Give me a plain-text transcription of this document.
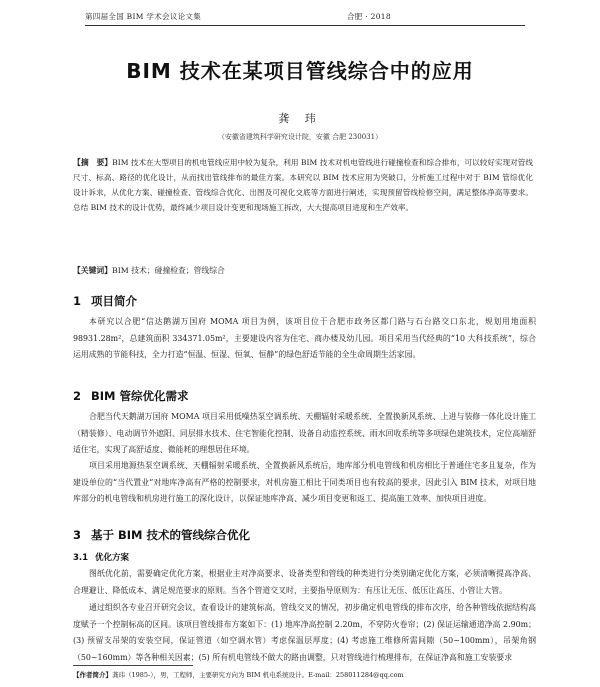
第四届全国 BIM 学术会议论文集	合肥 · 2018
BIM 技术在某项目管线综合中的应用
龚 玮
（安徽省建筑科学研究设计院，安徽 合肥 230031）
【摘　要】BIM 技术在大型项目的机电管线应用中较为复杂，利用 BIM 技术对机电管线进行碰撞检查和综合排布，可以较好实现对管线尺寸、标高、路径的优化设计，从而找出管线排布的最佳方案。本研究以 BIM 技术应用为突破口，分析施工过程中对于 BIM 管综优化设计诉求，从优化方案、碰撞检查、管线综合优化、出图及可视化交底等方面进行阐述，实现预留管线检修空间，满足整体净高等要求。总结 BIM 技术的设计优势，最终减少项目设计变更和现场施工拆改，大大提高项目进度和生产效率。
【关键词】BIM 技术；碰撞检查；管线综合
1 项目简介
本研究以合肥“信达鹅湖万国府 MOMA 项目为例，该项目位于合肥市政务区都门路与石台路交口东北，规划用地面积 98931.28m²，总建筑面积 334371.05m²，主要建设内容为住宅、商办楼及幼儿园。项目采用当代经典的“10 大科技系统”，综合运用成熟的节能科技，全力打造“恒温、恒湿、恒氧、恒静”的绿色舒适节能的全生命周期生活家园。
2 BIM 管综优化需求
合肥当代天鹅湖万国府 MOMA 项目采用低噪热泵空调系统、天棚辐射采暖系统、全置换新风系统、上进与装修一体化设计施工（精装修）、电动调节外遮阳、同层排水技术、住宅智能化控制、设备自动监控系统、雨水回收系统等多项绿色建筑技术，定位高端舒适住宅，实现了高舒适度、微能耗的理想居住环境。
项目采用地源热泵空调系统、天棚辐射采暖系统、全置换新风系统后，地库部分机电管线和机房相比于普通住宅多且复杂，作为建设单位的“当代置业”对地库净高有严格的控制要求，对机房施工相比于同类项目也有较高的要求，因此引入 BIM 技术，对项目地库部分的机电管线和机房进行施工的深化设计，以保证地库净高、减少项目变更和返工、提高施工效率、加快项目进度。
3 基于 BIM 技术的管线综合优化
3.1 优化方案
图纸优化前，需要确定优化方案，根据业主对净高要求、设备类型和管线的种类进行分类别确定优化方案，必须清晰提高净高、合理避让、降低成本、满足规范要求的原则。当各个管道交叉时，主要指导原则为：有压让无压、低压让高压、小管让大管。
通过组织各专业召开研究会议，查看设计的建筑标高，管线交叉的情况，初步确定机电管线的排布次序，给各种管线依据结构高度赋予一个控制标高的区间。该项目管线排布方案如下：(1) 地库净高控制 2.20m，不穿防火卷帘；(2) 保证运输通道净高 2.90m；(3) 预留支吊架的安装空间，保证管道（如空调水管）考虑保温层厚度；(4) 考虑施工维修所需间隙（50~100mm），吊架角钢（50~160mm）等各种相关因素；(5) 所有机电管线不做大的路由调整，只对管线进行梳理排布，在保证净高和施工安装要求
【作者简介】龚玮（1985-），男，工程师，主要研究方向为 BIM 机电系统设计。E-mail：258011284@qq.com
